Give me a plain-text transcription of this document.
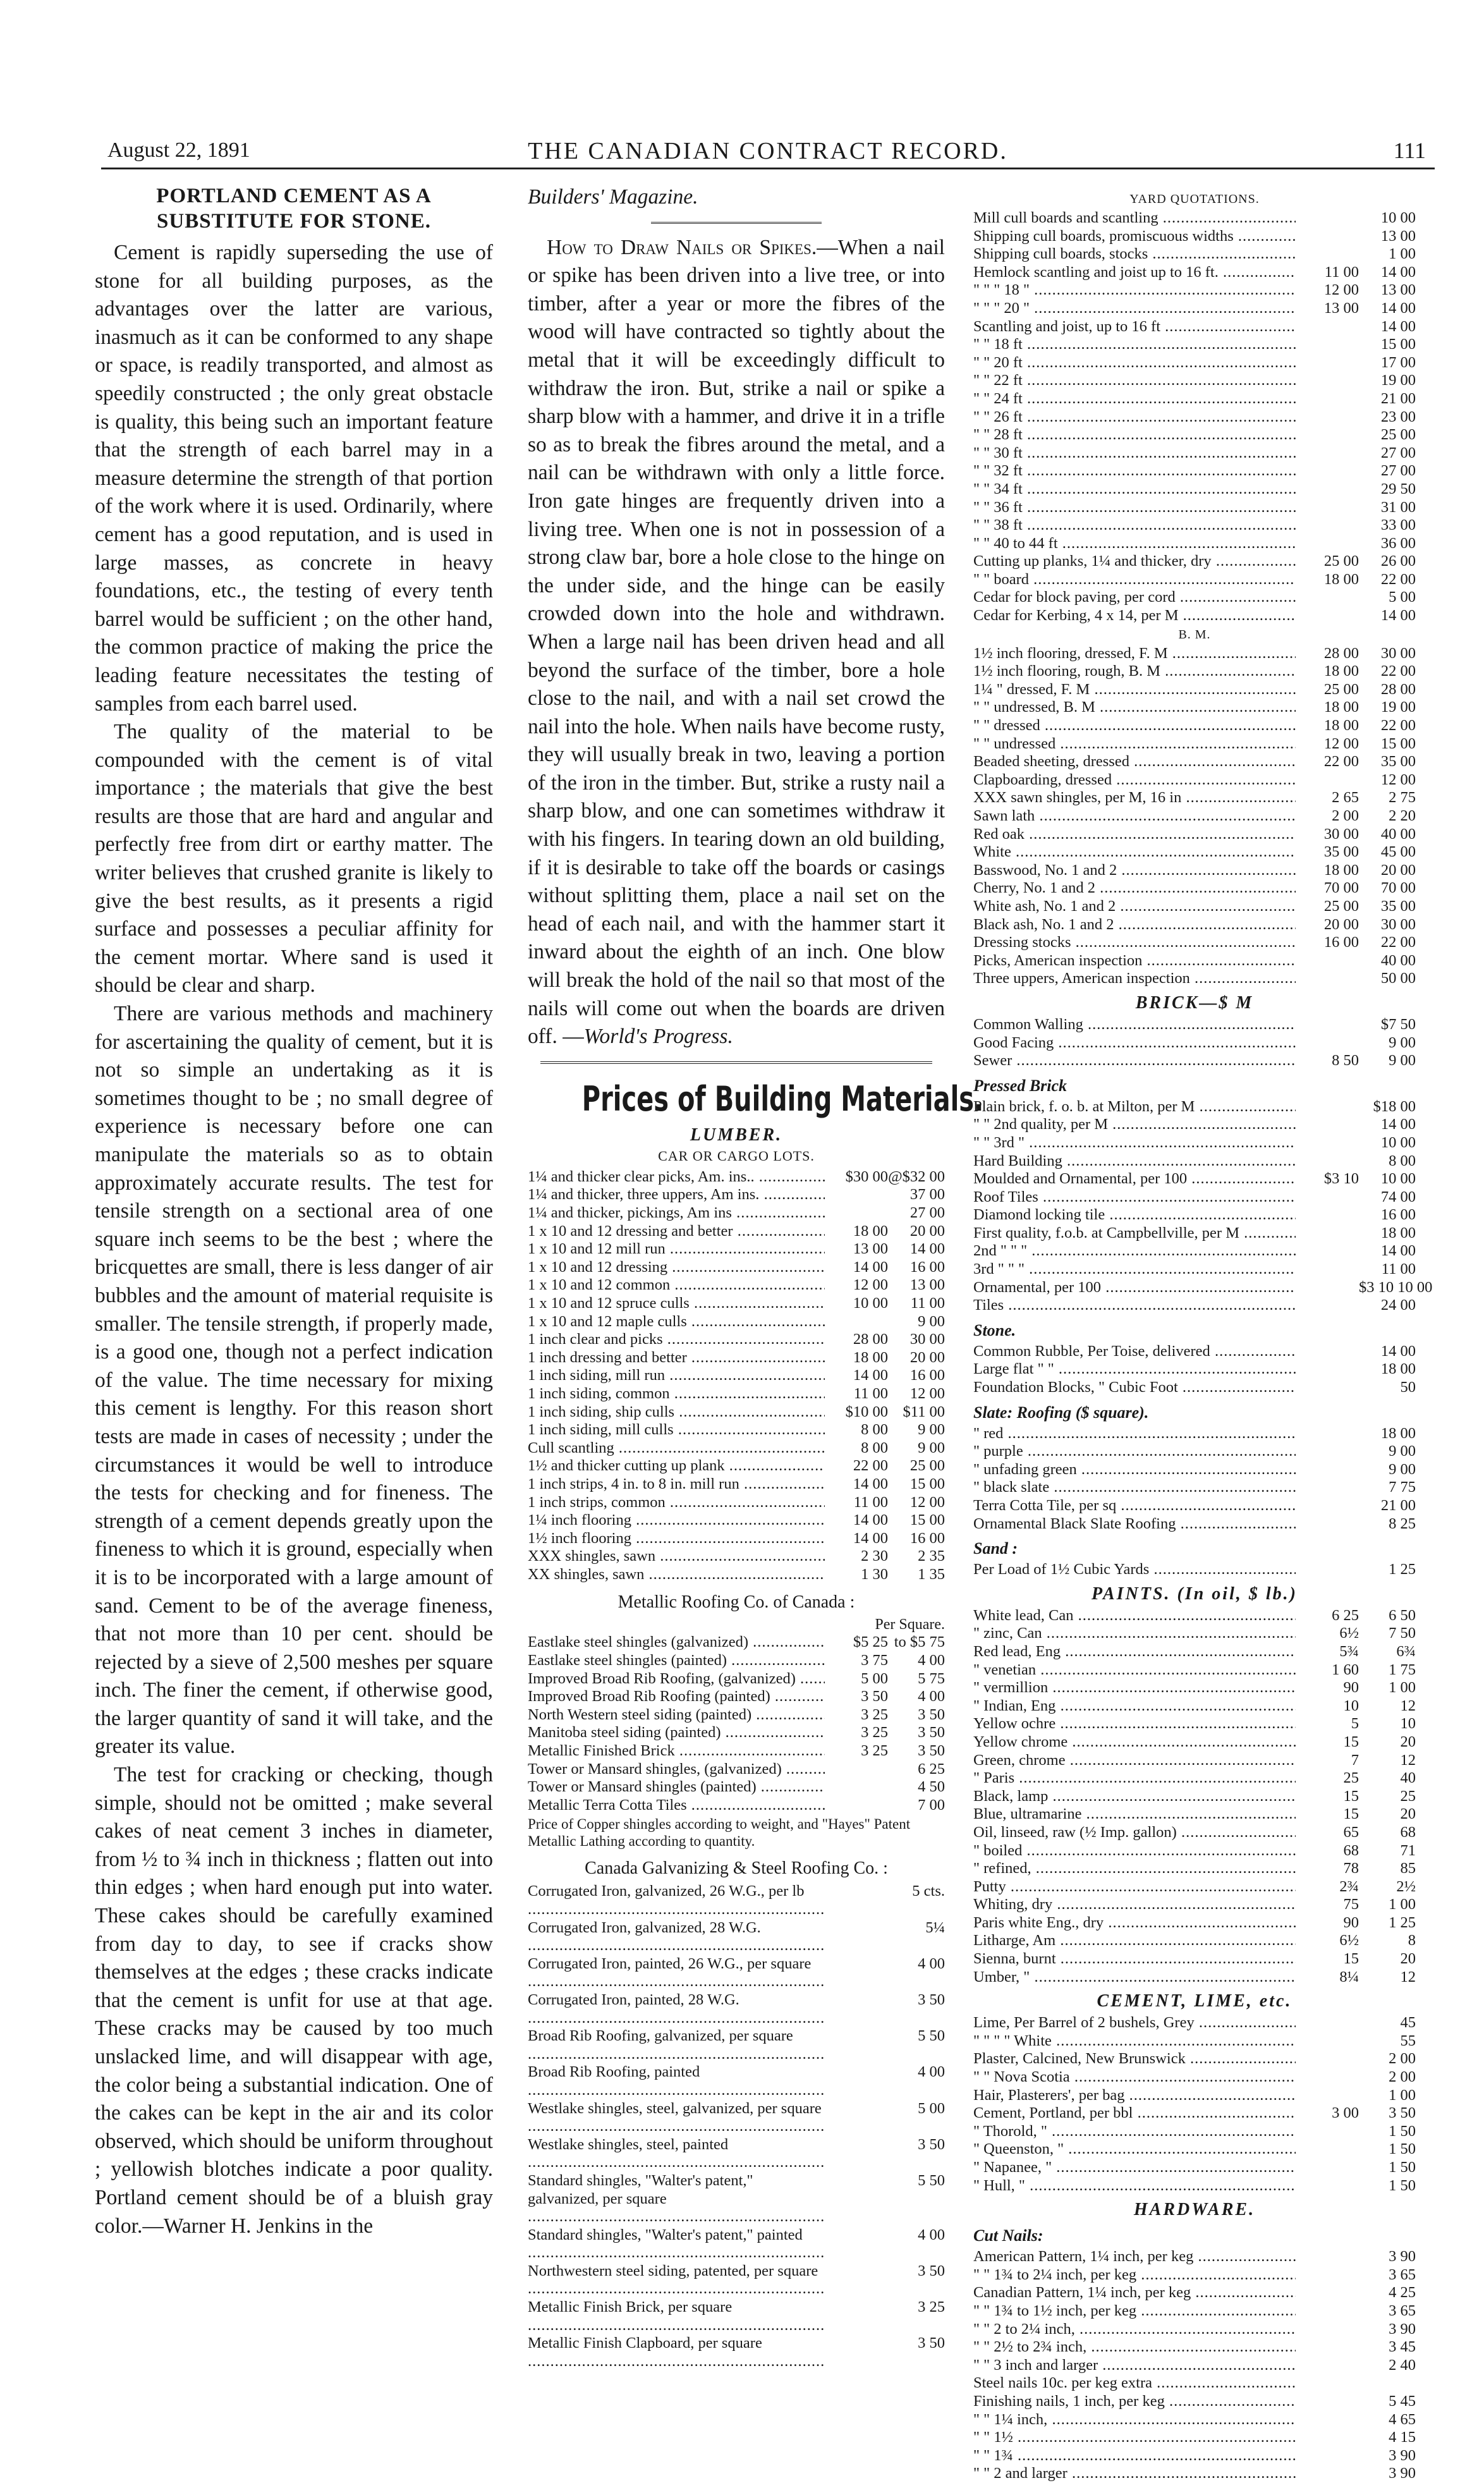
August 22, 1891	THE CANADIAN CONTRACT RECORD.	111
PORTLAND CEMENT AS A SUBSTITUTE FOR STONE.

Cement is rapidly superseding the use of stone for all building purposes, as the advantages over the latter are various, inasmuch as it can be conformed to any shape or space, is readily transported, and almost as speedily constructed ; the only great obstacle is quality, this being such an important feature that the strength of each barrel may in a measure determine the strength of that portion of the work where it is used. Ordinarily, where cement has a good reputation, and is used in large masses, as concrete in heavy foundations, etc., the testing of every tenth barrel would be sufficient ; on the other hand, the common practice of making the price the leading feature necessitates the testing of samples from each barrel used.

The quality of the material to be compounded with the cement is of vital importance ; the materials that give the best results are those that are hard and angular and perfectly free from dirt or earthy matter. The writer believes that crushed granite is likely to give the best results, as it presents a rigid surface and possesses a peculiar affinity for the cement mortar. Where sand is used it should be clear and sharp.

There are various methods and machinery for ascertaining the quality of cement, but it is not so simple an undertaking as it is sometimes thought to be ; no small degree of experience is necessary before one can manipulate the materials so as to obtain approximately accurate results. The test for tensile strength on a sectional area of one square inch seems to be the best ; where the bricquettes are small, there is less danger of air bubbles and the amount of material requisite is smaller. The tensile strength, if properly made, is a good one, though not a perfect indication of the value. The time necessary for mixing this cement is lengthy. For this reason short tests are made in cases of necessity ; under the circumstances it would be well to introduce the tests for checking and for fineness. The strength of a cement depends greatly upon the fineness to which it is ground, especially when it is to be incorporated with a large amount of sand. Cement to be of the average fineness, that not more than 10 per cent. should be rejected by a sieve of 2,500 meshes per square inch. The finer the cement, if otherwise good, the larger quantity of sand it will take, and the greater its value.

The test for cracking or checking, though simple, should not be omitted ; make several cakes of neat cement 3 inches in diameter, from ½ to ¾ inch in thickness ; flatten out into thin edges ; when hard enough put into water. These cakes should be carefully examined from day to day, to see if cracks show themselves at the edges ; these cracks indicate that the cement is unfit for use at that age. These cracks may be caused by too much unslacked lime, and will disappear with age, the color being a substantial indication. One of the cakes can be kept in the air and its color observed, which should be uniform throughout ; yellowish blotches indicate a poor quality. Portland cement should be of a bluish gray color.—Warner H. Jenkins in the

Builders' Magazine.

How to Draw Nails or Spikes.—When a nail or spike has been driven into a live tree, or into timber, after a year or more the fibres of the wood will have contracted so tightly about the metal that it will be exceedingly difficult to withdraw the iron. But, strike a nail or spike a sharp blow with a hammer, and drive it in a trifle so as to break the fibres around the metal, and a nail can be withdrawn with only a little force. Iron gate hinges are frequently driven into a living tree. When one is not in possession of a strong claw bar, bore a hole close to the hinge on the under side, and the hinge can be easily crowded down into the hole and withdrawn. When a large nail has been driven head and all beyond the surface of the timber, bore a hole close to the nail, and with a nail set crowd the nail into the hole. When nails have become rusty, they will usually break in two, leaving a portion of the iron in the timber. But, strike a rusty nail a sharp blow, and one can sometimes withdraw it with his fingers. In tearing down an old building, if it is desirable to take off the boards or casings without splitting them, place a nail set on the head of each nail, and with the hammer start it inward about the eighth of an inch. One blow will break the hold of the nail so that most of the nails will come out when the boards are driven off. —World's Progress.

Prices of Building Materials.
LUMBER.
CAR OR CARGO LOTS.
1¼ and thicker clear picks, Am. ins.. .....	$30 00 @$32 00
1¼ and thicker, three uppers, Am ins. .....	37 00
1¼ and thicker, pickings, Am ins .....	27 00
1 x 10 and 12 dressing and better .....	18 00	20 00
1 x 10 and 12 mill run .....	13 00	14 00
1 x 10 and 12 dressing .....	14 00	16 00
1 x 10 and 12 common .....	12 00	13 00
1 x 10 and 12 spruce culls .....	10 00	11 00
1 x 10 and 12 maple culls .....	9 00
1 inch clear and picks .....	28 00	30 00
1 inch dressing and better .....	18 00	20 00
1 inch siding, mill run .....	14 00	16 00
1 inch siding, common .....	11 00	12 00
1 inch siding, ship culls .....	$10 00 $11 00
1 inch siding, mill culls .....	8 00	9 00
Cull scantling .....	8 00	9 00
1½ and thicker cutting up plank .....	22 00	25 00
1 inch strips, 4 in. to 8 in. mill run .....	14 00	15 00
1 inch strips, common .....	11 00	12 00
1¼ inch flooring .....	14 00	15 00
1½ inch flooring .....	14 00	16 00
XXX shingles, sawn .....	2 30	2 35
XX shingles, sawn .....	1 30	1 35
Metallic Roofing Co. of Canada :
Per Square.
Eastlake steel shingles (galvanized) .....	$5 25 to $5 75
Eastlake steel shingles (painted) .....	3 75	4 00
Improved Broad Rib Roofing, (galvanized) .....	5 00	5 75
Improved Broad Rib Roofing (painted) .....	3 50	4 00
North Western steel siding (painted) .....	3 25	3 50
Manitoba steel siding (painted) .....	3 25	3 50
Metallic Finished Brick .....	3 25	3 50
Tower or Mansard shingles, (galvanized) .....	6 25
Tower or Mansard shingles (painted) .....	4 50
Metallic Terra Cotta Tiles .....	7 00

Price of Copper shingles according to weight, and "Hayes" Patent Metallic Lathing according to quantity.

Canada Galvanizing & Steel Roofing Co. :
Corrugated Iron, galvanized, 26 W.G., per lb .....	5 cts.
Corrugated Iron, galvanized, 28 W.G. .....	5¼
Corrugated Iron, painted, 26 W.G., per square .....	4 00
Corrugated Iron, painted, 28 W.G. .....	3 50
Broad Rib Roofing, galvanized, per square .....	5 50
Broad Rib Roofing, painted .....	4 00
Westlake shingles, steel, galvanized, per square .....	5 00
Westlake shingles, steel, painted .....	3 50
Standard shingles, "Walter's patent," galvanized, per square .....
5 50
Standard shingles, "Walter's patent," painted .....	4 00
Northwestern steel siding, patented, per square .....	3 50
Metallic Finish Brick, per square .....	3 25
Metallic Finish Clapboard, per square .....	3 50
YARD QUOTATIONS.
Mill cull boards and scantling .....	10 00
Shipping cull boards, promiscuous widths .....	13 00
Shipping cull boards, stocks .....	1 00
Hemlock scantling and joist up to 16 ft. .....	11 00	14 00
" " " 18 " .....	12 00	13 00
" " " 20 " .....	13 00	14 00
Scantling and joist, up to 16 ft .....	14 00
" " 18 ft .....	15 00
" " 20 ft .....	17 00
" " 22 ft .....	19 00
" " 24 ft .....	21 00
" " 26 ft .....	23 00
" " 28 ft .....	25 00
" " 30 ft .....	27 00
" " 32 ft .....	27 00
" " 34 ft .....	29 50
" " 36 ft .....	31 00
" " 38 ft .....	33 00
" " 40 to 44 ft .....	36 00
Cutting up planks, 1¼ and thicker, dry .....	25 00	26 00
" " board .....	18 00	22 00
Cedar for block paving, per cord .....	5 00
Cedar for Kerbing, 4 x 14, per M .....	14 00
B. M.
1½ inch flooring, dressed, F. M .....	28 00	30 00
1½ inch flooring, rough, B. M .....	18 00	22 00
1¼ " dressed, F. M .....	25 00	28 00
" " undressed, B. M .....	18 00	19 00
" " dressed .....	18 00	22 00
" " undressed .....	12 00	15 00
Beaded sheeting, dressed .....	22 00	35 00
Clapboarding, dressed .....	12 00
XXX sawn shingles, per M, 16 in .....	2 65	2 75
Sawn lath .....	2 00	2 20
Red oak .....	30 00	40 00
White .....	35 00	45 00
Basswood, No. 1 and 2 .....	18 00	20 00
Cherry, No. 1 and 2 .....	70 00	70 00
White ash, No. 1 and 2 .....	25 00	35 00
Black ash, No. 1 and 2 .....	20 00	30 00
Dressing stocks .....	16 00	22 00
Picks, American inspection .....	40 00
Three uppers, American inspection .....	50 00
BRICK—$ M
Common Walling .....	$7 50
Good Facing .....	9 00
Sewer .....	8 50	9 00
Pressed Brick
Plain brick, f. o. b. at Milton, per M .....	$18 00
" " 2nd quality, per M .....	14 00
" " 3rd " .....	10 00
Hard Building .....	8 00
Moulded and Ornamental, per 100 .....	$3 10	10 00
Roof Tiles .....	74 00
Diamond locking tile .....	16 00
First quality, f.o.b. at Campbellville, per M .....	18 00
2nd " " " .....	14 00
3rd " " " .....	11 00
Ornamental, per 100 .....	$3 10 10 00
Tiles .....	24 00
Stone.
Common Rubble, Per Toise, delivered .....	14 00
Large flat " " .....	18 00
Foundation Blocks, " Cubic Foot .....	50
Slate: Roofing ($ square).
" red .....	18 00
" purple .....	9 00
" unfading green .....	9 00
" black slate .....	7 75
Terra Cotta Tile, per sq .....	21 00
Ornamental Black Slate Roofing .....	8 25
Sand :
Per Load of 1½ Cubic Yards .....	1 25
PAINTS. (In oil, $ lb.)
White lead, Can .....	6 25	6 50
" zinc, Can .....	6½	7 50
Red lead, Eng .....	5¾	6¾
" venetian .....	1 60	1 75
" vermillion .....	90	1 00
" Indian, Eng .....	10	12
Yellow ochre .....	5	10
Yellow chrome .....	15	20
Green, chrome .....	7	12
" Paris .....	25	40
Black, lamp .....	15	25
Blue, ultramarine .....	15	20
Oil, linseed, raw (½ Imp. gallon) .....	65	68
" boiled .....	68	71
" refined, .....	78	85
Putty .....	2¾	2½
Whiting, dry .....	75	1 00
Paris white Eng., dry .....	90	1 25
Litharge, Am .....	6½	8
Sienna, burnt .....	15	20
Umber, " .....	8¼	12
CEMENT, LIME, etc.
Lime, Per Barrel of 2 bushels, Grey .....	45
" " " " White .....	55
Plaster, Calcined, New Brunswick .....	2 00
" " Nova Scotia .....	2 00
Hair, Plasterers', per bag .....	1 00
Cement, Portland, per bbl .....	3 00	3 50
" Thorold, " .....	1 50
" Queenston, " .....	1 50
" Napanee, " .....	1 50
" Hull, " .....	1 50
HARDWARE.
Cut Nails:
American Pattern, 1¼ inch, per keg .....	3 90
" " 1¾ to 2¼ inch, per keg .....	3 65
Canadian Pattern, 1¼ inch, per keg .....	4 25
" " 1¾ to 1½ inch, per keg .....	3 65
" " 2 to 2¼ inch, .....	3 90
" " 2½ to 2¾ inch, .....	3 45
" " 3 inch and larger .....	2 40
Steel nails 10c. per keg extra .....
Finishing nails, 1 inch, per keg .....	5 45
" " 1¼ inch, .....	4 65
" " 1½ .....	4 15
" " 1¾ .....	3 90
" " 2 and larger .....	3 90
